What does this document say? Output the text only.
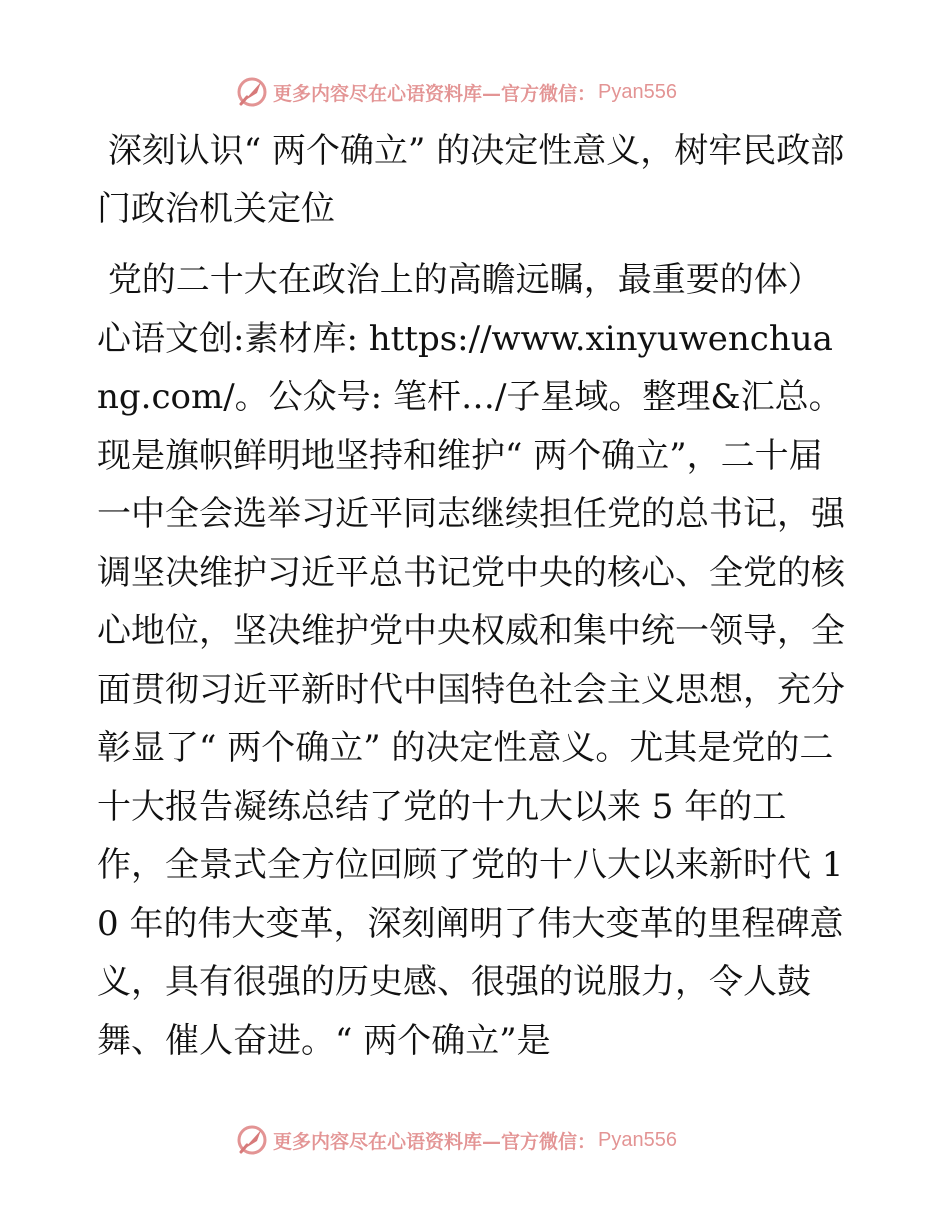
更多内容尽在心语资料库—官方微信： Pyan556
深刻认识“ 两个确立” 的决定性意义，树牢民政部门政治机关定位

党的二十大在政治上的高瞻远瞩，最重要的体）心语文创:素材库: https://www.xinyuwenchuang.com/。公众号: 笔杆…/子星域。整理&汇总。现是旗帜鲜明地坚持和维护“ 两个确立”，二十届一中全会选举习近平同志继续担任党的总书记，强调坚决维护习近平总书记党中央的核心、全党的核心地位，坚决维护党中央权威和集中统一领导，全面贯彻习近平新时代中国特色社会主义思想，充分彰显了“ 两个确立” 的决定性意义。尤其是党的二十大报告凝练总结了党的十九大以来 5 年的工作，全景式全方位回顾了党的十八大以来新时代 10 年的伟大变革，深刻阐明了伟大变革的里程碑意义，具有很强的历史感、很强的说服力，令人鼓舞、催人奋进。“ 两个确立”是

更多内容尽在心语资料库—官方微信： Pyan556
